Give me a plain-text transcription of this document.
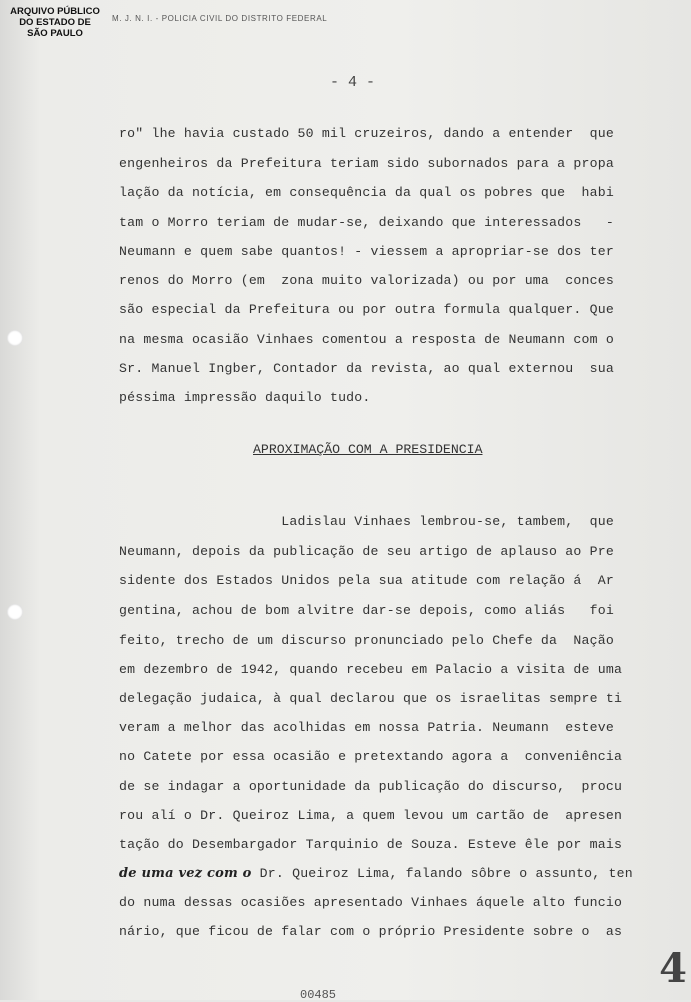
ARQUIVO PÚBLICO
DO ESTADO DE
SÃO PAULO
M. J. N. I. - POLICIA CIVIL DO DISTRITO FEDERAL
- 4 -
ro" lhe havia custado 50 mil cruzeiros, dando a entender  que
engenheiros da Prefeitura teriam sido subornados para a propa
lação da notícia, em consequência da qual os pobres que  habi
tam o Morro teriam de mudar-se, deixando que interessados   -
Neumann e quem sabe quantos! - viessem a apropriar-se dos ter
renos do Morro (em  zona muito valorizada) ou por uma  conces
são especial da Prefeitura ou por outra formula qualquer. Que
na mesma ocasião Vinhaes comentou a resposta de Neumann com o
Sr. Manuel Ingber, Contador da revista, ao qual externou  sua
péssima impressão daquilo tudo.
APROXIMAÇÃO COM A PRESIDENCIA
Ladislau Vinhaes lembrou-se, tambem,  que
Neumann, depois da publicação de seu artigo de aplauso ao Pre
sidente dos Estados Unidos pela sua atitude com relação á  Ar
gentina, achou de bom alvitre dar-se depois, como aliás   foi
feito, trecho de um discurso pronunciado pelo Chefe da  Nação
em dezembro de 1942, quando recebeu em Palacio a visita de uma
delegação judaica, à qual declarou que os israelitas sempre ti
veram a melhor das acolhidas em nossa Patria. Neumann  esteve
no Catete por essa ocasião e pretextando agora a  conveniência
de se indagar a oportunidade da publicação do discurso,  procu
rou alí o Dr. Queiroz Lima, a quem levou um cartão de  apresen
tação do Desembargador Tarquinio de Souza. Esteve êle por mais
de uma vez com o Dr. Queiroz Lima, falando sôbre o assunto, ten
do numa dessas ocasiões apresentado Vinhaes áquele alto funcio
nário, que ficou de falar com o próprio Presidente sobre o  as
00485
4
